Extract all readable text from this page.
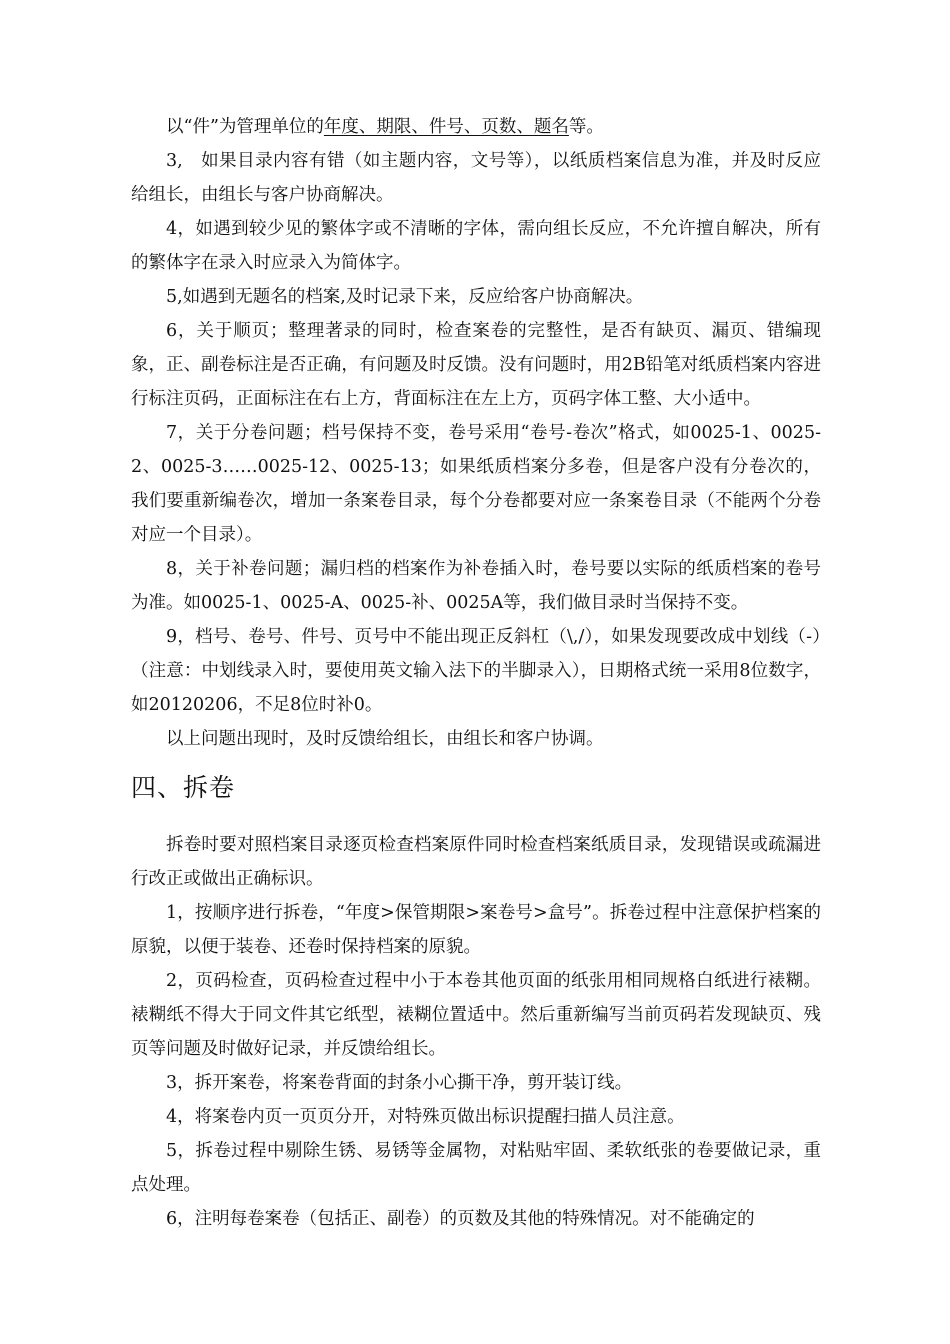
以“件”为管理单位的年度、期限、件号、页数、题名等。

3,　如果目录内容有错（如主题内容，文号等），以纸质档案信息为准，并及时反应给组长，由组长与客户协商解决。

4，如遇到较少见的繁体字或不清晰的字体，需向组长反应，不允许擅自解决，所有的繁体字在录入时应录入为简体字。

5,如遇到无题名的档案,及时记录下来，反应给客户协商解决。

6，关于顺页；整理著录的同时，检查案卷的完整性，是否有缺页、漏页、错编现象，正、副卷标注是否正确，有问题及时反馈。没有问题时，用2B铅笔对纸质档案内容进行标注页码，正面标注在右上方，背面标注在左上方，页码字体工整、大小适中。

7，关于分卷问题；档号保持不变，卷号采用“卷号-卷次”格式，如0025-1、0025-2、0025-3……0025-12、0025-13；如果纸质档案分多卷，但是客户没有分卷次的，我们要重新编卷次，增加一条案卷目录，每个分卷都要对应一条案卷目录（不能两个分卷对应一个目录）。

8，关于补卷问题；漏归档的档案作为补卷插入时，卷号要以实际的纸质档案的卷号为准。如0025-1、0025-A、0025-补、0025A等，我们做目录时当保持不变。

9，档号、卷号、件号、页号中不能出现正反斜杠（\,/），如果发现要改成中划线（-）（注意：中划线录入时，要使用英文输入法下的半脚录入），日期格式统一采用8位数字，如20120206，不足8位时补0。

以上问题出现时，及时反馈给组长，由组长和客户协调。

四、拆卷

拆卷时要对照档案目录逐页检查档案原件同时检查档案纸质目录，发现错误或疏漏进行改正或做出正确标识。

1，按顺序进行拆卷，“年度>保管期限>案卷号>盒号”。拆卷过程中注意保护档案的原貌，以便于装卷、还卷时保持档案的原貌。

2，页码检查，页码检查过程中小于本卷其他页面的纸张用相同规格白纸进行裱糊。裱糊纸不得大于同文件其它纸型，裱糊位置适中。然后重新编写当前页码若发现缺页、残页等问题及时做好记录，并反馈给组长。

3，拆开案卷，将案卷背面的封条小心撕干净，剪开装订线。

4，将案卷内页一页页分开，对特殊页做出标识提醒扫描人员注意。

5，拆卷过程中剔除生锈、易锈等金属物，对粘贴牢固、柔软纸张的卷要做记录，重点处理。

6，注明每卷案卷（包括正、副卷）的页数及其他的特殊情况。对不能确定的
